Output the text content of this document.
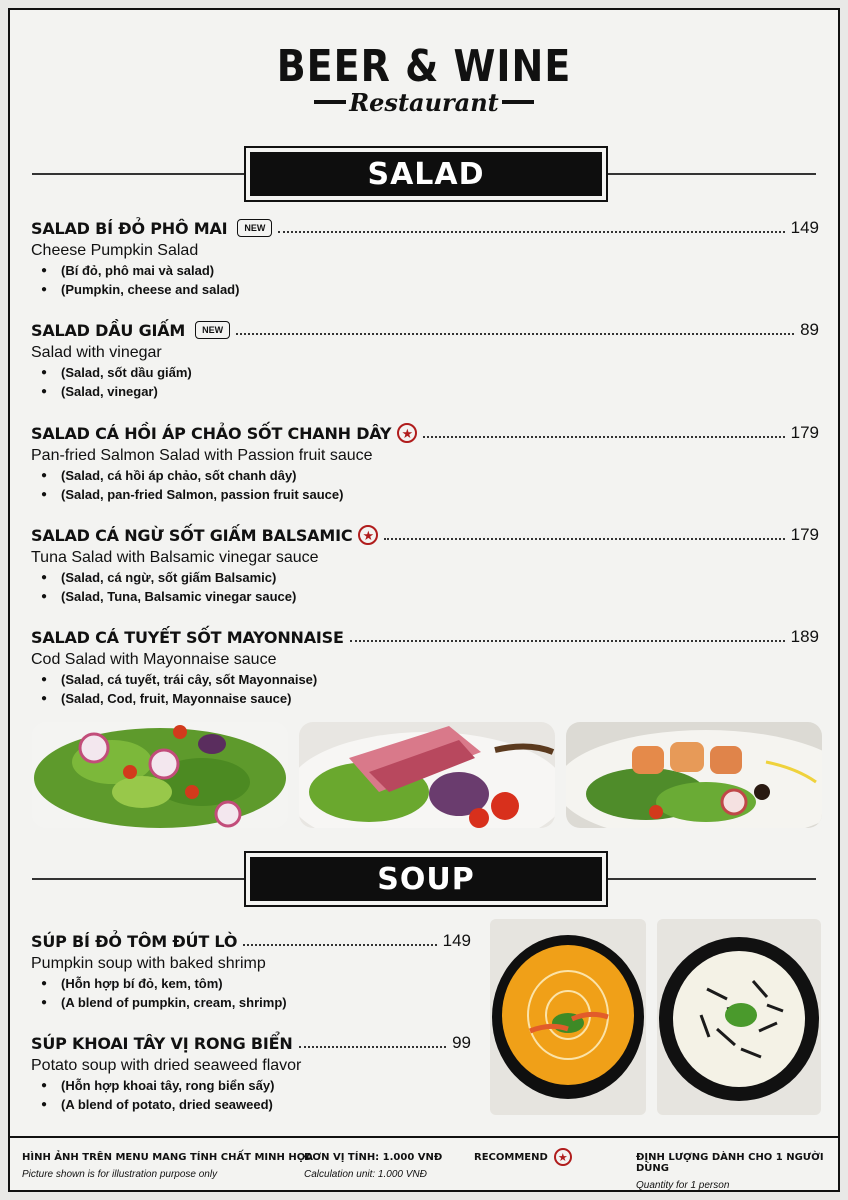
BEER & WINE
Restaurant
SALAD
SALAD BÍ ĐỎ PHÔ MAI	NEW	149
Cheese Pumpkin Salad
● (Bí đỏ, phô mai và salad)
● (Pumpkin, cheese and salad)
SALAD DẦU GIẤM	NEW	89
Salad with vinegar
● (Salad, sốt dầu giấm)
● (Salad, vinegar)
SALAD CÁ HỒI ÁP CHẢO SỐT CHANH DÂY ★	179
Pan-fried Salmon Salad with Passion fruit sauce
● (Salad, cá hồi áp chảo, sốt chanh dây)
● (Salad, pan-fried Salmon, passion fruit sauce)
SALAD CÁ NGỪ SỐT GIẤM BALSAMIC ★	179
Tuna Salad with Balsamic vinegar sauce
● (Salad, cá ngừ, sốt giấm Balsamic)
● (Salad, Tuna, Balsamic vinegar sauce)
SALAD CÁ TUYẾT SỐT MAYONNAISE	189
Cod Salad with Mayonnaise sauce
● (Salad, cá tuyết, trái cây, sốt Mayonnaise)
● (Salad, Cod, fruit, Mayonnaise sauce)
SOUP
SÚP BÍ ĐỎ TÔM ĐÚT LÒ	149
Pumpkin soup with baked shrimp
● (Hỗn hợp bí đỏ, kem, tôm)
● (A blend of pumpkin, cream, shrimp)
SÚP KHOAI TÂY VỊ RONG BIỂN	99
Potato soup with dried seaweed flavor
● (Hỗn hợp khoai tây, rong biển sấy)
● (A blend of potato, dried seaweed)
HÌNH ẢNH TRÊN MENU MANG TÍNH CHẤT MINH HỌA
Picture shown is for illustration purpose only
ĐƠN VỊ TÍNH: 1.000 VNĐ
Calculation unit: 1.000 VNĐ
RECOMMEND ★	ĐỊNH LƯỢNG DÀNH CHO 1 NGƯỜI DÙNG
Quantity for 1 person
